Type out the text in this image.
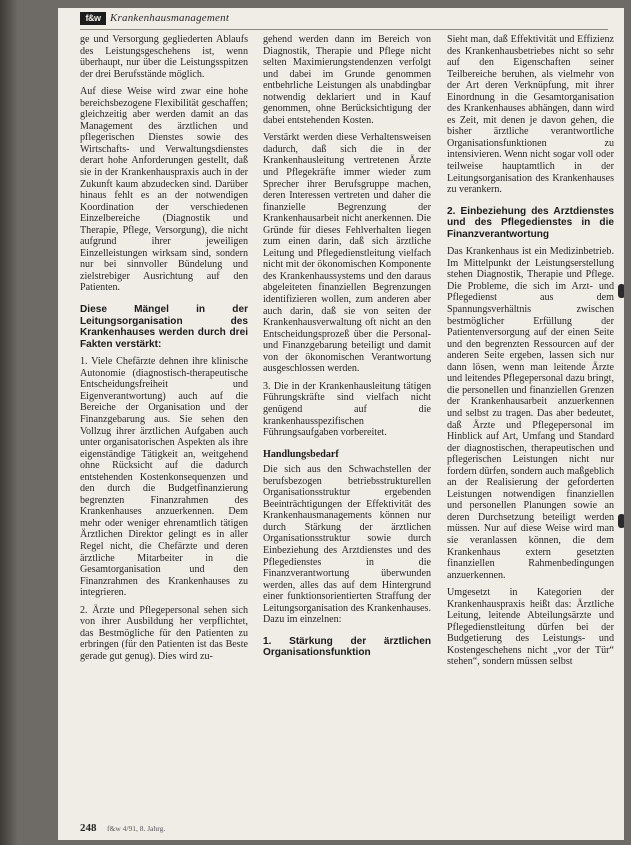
f&w Krankenhausmanagement

ge und Versorgung gegliederten Ablaufs des Leistungsgeschehens ist, wenn überhaupt, nur über die Leistungsspitzen der drei Berufsstände möglich.

Auf diese Weise wird zwar eine hohe bereichsbezogene Flexibilität geschaffen; gleichzeitig aber werden damit an das Management des ärztlichen und pflegerischen Dienstes sowie des Wirtschafts- und Verwaltungsdienstes derart hohe Anforderungen gestellt, daß sie in der Krankenhauspraxis auch in der Zukunft kaum abzudecken sind. Darüber hinaus fehlt es an der notwendigen Koordination der verschiedenen Einzelbereiche (Diagnostik und Therapie, Pflege, Versorgung), die nicht aufgrund ihrer jeweiligen Einzelleistungen wirksam sind, sondern nur bei sinnvoller Bündelung und zielstrebiger Ausrichtung auf den Patienten.

Diese Mängel in der Leitungsorganisation des Krankenhauses werden durch drei Fakten verstärkt:

1. Viele Chefärzte dehnen ihre klinische Autonomie (diagnostisch-therapeutische Entscheidungsfreiheit und Eigenverantwortung) auch auf die Bereiche der Organisation und der Finanzgebarung aus. Sie sehen den Vollzug ihrer ärztlichen Aufgaben auch unter organisatorischen Aspekten als ihre eigenständige Tätigkeit an, weitgehend ohne Rücksicht auf die dadurch entstehenden Kostenkonsequenzen und den durch die Budgetfinanzierung begrenzten Finanzrahmen des Krankenhauses anzuerkennen. Dem mehr oder weniger ehrenamtlich tätigen Ärztlichen Direktor gelingt es in aller Regel nicht, die Chefärzte und deren ärztliche Mitarbeiter in die Gesamtorganisation und den Finanzrahmen des Krankenhauses zu integrieren.

2. Ärzte und Pflegepersonal sehen sich von ihrer Ausbildung her verpflichtet, das Bestmögliche für den Patienten zu erbringen (für den Patienten ist das Beste gerade gut genug). Dies wird zu-

gehend werden dann im Bereich von Diagnostik, Therapie und Pflege nicht selten Maximierungstendenzen verfolgt und dabei im Grunde genommen entbehrliche Leistungen als unabdingbar notwendig deklariert und in Kauf genommen, ohne Berücksichtigung der dabei entstehenden Kosten.

Verstärkt werden diese Verhaltensweisen dadurch, daß sich die in der Krankenhausleitung vertretenen Ärzte und Pflegekräfte immer wieder zum Sprecher ihrer Berufsgruppe machen, deren Interessen vertreten und daher die finanzielle Begrenzung der Krankenhausarbeit nicht anerkennen. Die Gründe für dieses Fehlverhalten liegen zum einen darin, daß sich ärztliche Leitung und Pflegedienstleitung vielfach nicht mit der ökonomischen Komponente des Krankenhaussystems und den daraus abgeleiteten finanziellen Begrenzungen identifizieren wollen, zum anderen aber auch darin, daß sie von seiten der Krankenhausverwaltung oft nicht an den Entscheidungsprozeß über die Personal- und Finanzgebarung beteiligt und damit von der ökonomischen Verantwortung ausgeschlossen werden.

3. Die in der Krankenhausleitung tätigen Führungskräfte sind vielfach nicht genügend auf die krankenhausspezifischen Führungsaufgaben vorbereitet.

Handlungsbedarf

Die sich aus den Schwachstellen der berufsbezogen betriebsstrukturellen Organisationsstruktur ergebenden Beeinträchtigungen der Effektivität des Krankenhausmanagements können nur durch Stärkung der ärztlichen Organisationsstruktur sowie durch Einbeziehung des Arztdienstes und des Pflegedienstes in die Finanzverantwortung überwunden werden, alles das auf dem Hintergrund einer funktionsorientierten Straffung der Leitungsorganisation des Krankenhauses. Dazu im einzelnen:

1. Stärkung der ärztlichen Organisationsfunktion

Sieht man, daß Effektivität und Effizienz des Krankenhausbetriebes nicht so sehr auf den Eigenschaften seiner Teilbereiche beruhen, als vielmehr von der Art deren Verknüpfung, mit ihrer Einordnung in die Gesamtorganisation des Krankenhauses abhängen, dann wird es Zeit, mit denen je davon gehen, die bisher ärztliche verantwortliche Organisationsfunktionen zu intensivieren. Wenn nicht sogar voll oder teilweise hauptamtlich in der Leitungsorganisation des Krankenhauses zu verankern.

2. Einbeziehung des Arztdienstes und des Pflegedienstes in die Finanzverantwortung

Das Krankenhaus ist ein Medizinbetrieb. Im Mittelpunkt der Leistungserstellung stehen Diagnostik, Therapie und Pflege. Die Probleme, die sich im Arzt- und Pflegedienst aus dem Spannungsverhältnis zwischen bestmöglicher Erfüllung der Patientenversorgung auf der einen Seite und den begrenzten Ressourcen auf der anderen Seite ergeben, lassen sich nur dann lösen, wenn man leitende Ärzte und leitendes Pflegepersonal dazu bringt, die personellen und finanziellen Grenzen der Krankenhausarbeit anzuerkennen und selbst zu tragen. Das aber bedeutet, daß Ärzte und Pflegepersonal im Hinblick auf Art, Umfang und Standard der diagnostischen, therapeutischen und pflegerischen Leistungen nicht nur fordern dürfen, sondern auch maßgeblich an der Realisierung der geforderten Leistungen notwendigen finanziellen und personellen Planungen sowie an deren Durchsetzung beteiligt werden müssen. Nur auf diese Weise wird man sie veranlassen können, die dem Krankenhaus extern gesetzten finanziellen Rahmenbedingungen anzuerkennen.

Umgesetzt in Kategorien der Krankenhauspraxis heißt das: Ärztliche Leitung, leitende Abteilungsärzte und Pflegedienstleitung dürfen bei der Budgetierung des Leistungs- und Kostengeschehens nicht „vor der Tür“ stehen“, sondern müssen selbst

248 f&w 4/91, 8. Jahrg.
